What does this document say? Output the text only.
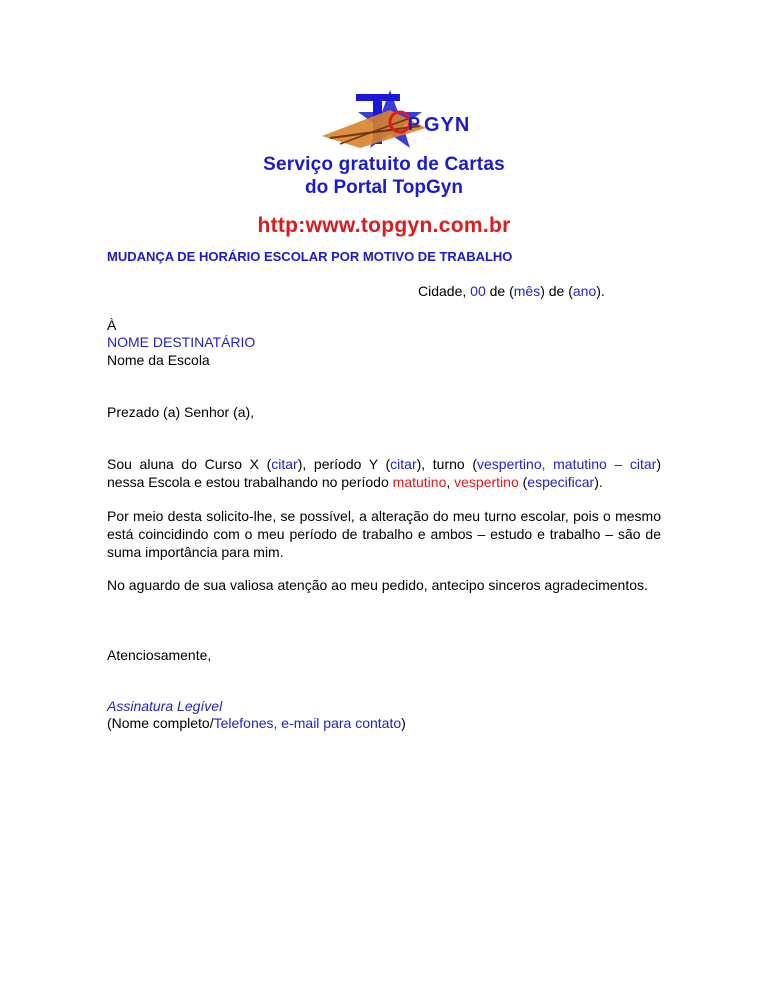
P GYN
Serviço gratuito de Cartas
do Portal TopGyn
http:www.topgyn.com.br
MUDANÇA DE HORÁRIO ESCOLAR POR MOTIVO DE TRABALHO
Cidade, 00 de (mês) de (ano).
À
NOME DESTINATÁRIO
Nome da Escola
Prezado (a) Senhor (a),
Sou aluna do Curso X (citar), período Y (citar), turno (vespertino, matutino – citar)
nessa Escola e estou trabalhando no período matutino, vespertino (especificar).
Por meio desta solicito-lhe, se possível, a alteração do meu turno escolar, pois o mesmo está coincidindo com o meu período de trabalho e ambos – estudo e trabalho – são de suma importância para mim.
No aguardo de sua valiosa atenção ao meu pedido, antecipo sinceros agradecimentos.
Atenciosamente,
Assinatura Legível
(Nome completo/Telefones, e-mail para contato)
